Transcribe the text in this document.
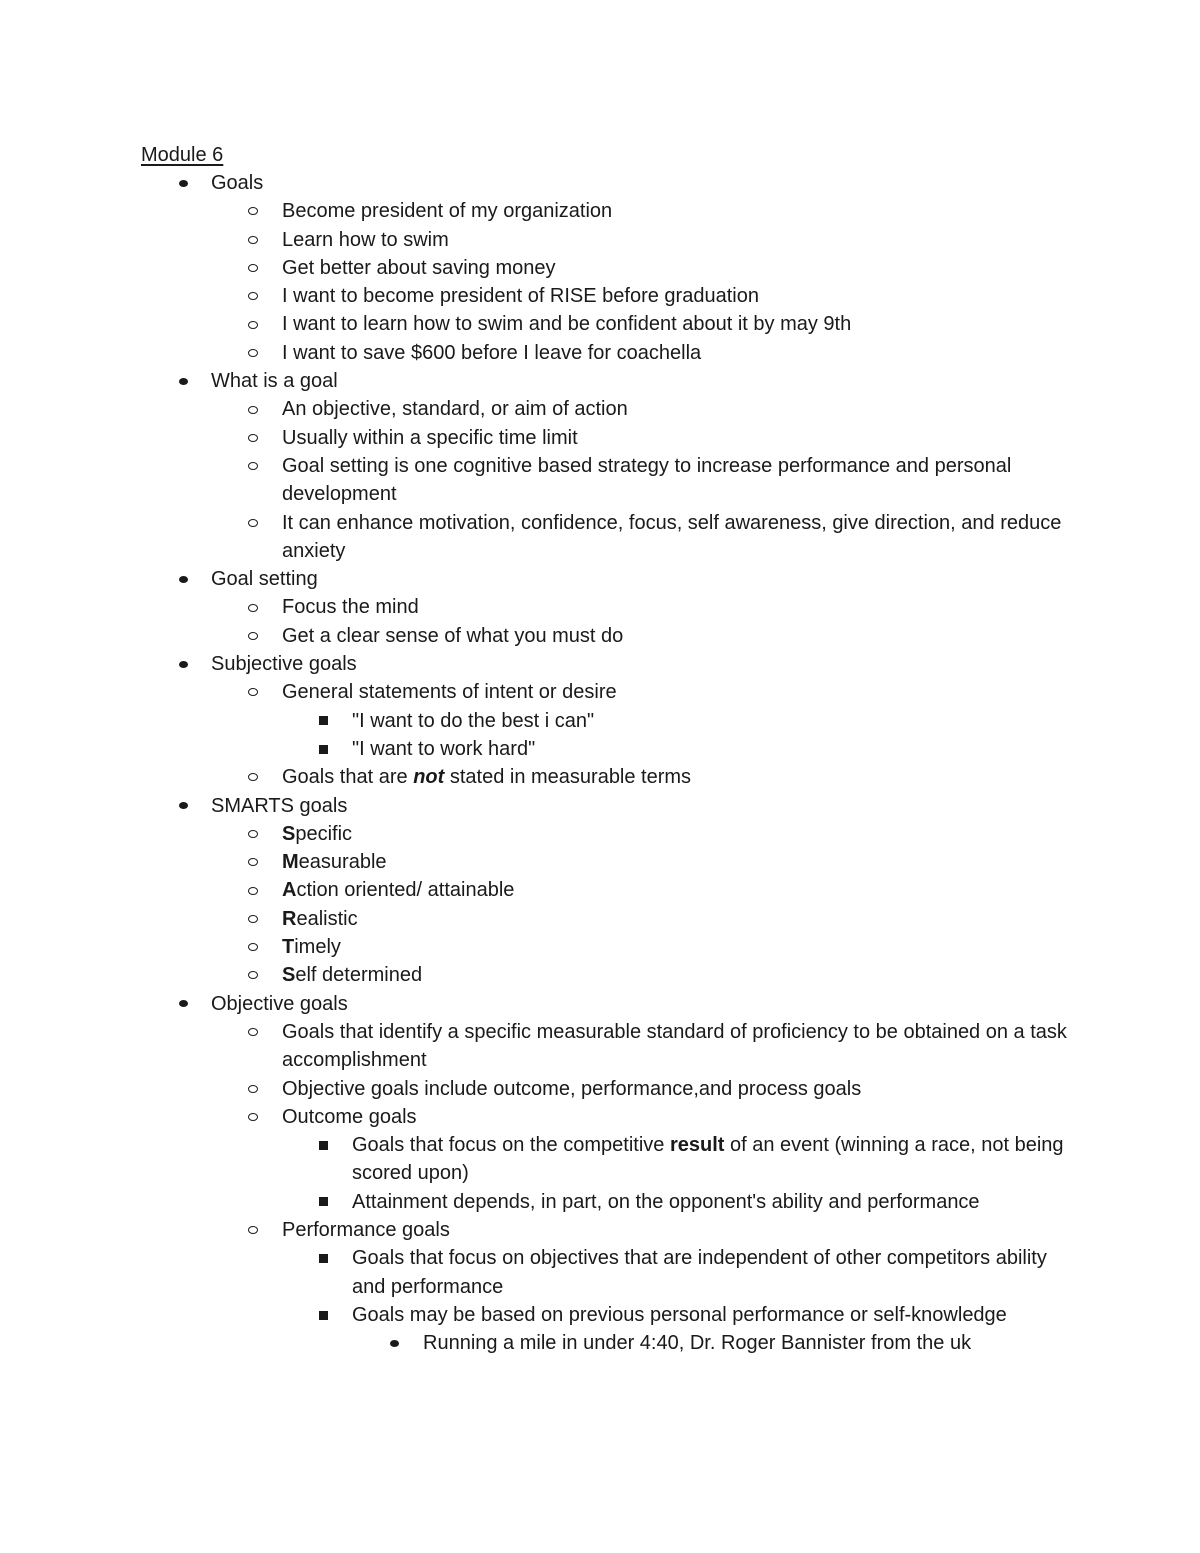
Module 6
Goals
Become president of my organization
Learn how to swim
Get better about saving money
I want to become president of RISE before graduation
I want to learn how to swim and be confident about it by may 9th
I want to save $600 before I leave for coachella
What is a goal
An objective, standard, or aim of action
Usually within a specific time limit
Goal setting is one cognitive based strategy to increase performance and personal development
It can enhance motivation, confidence, focus, self awareness, give direction, and reduce anxiety
Goal setting
Focus the mind
Get a clear sense of what you must do
Subjective goals
General statements of intent or desire
"I want to do the best i can"
"I want to work hard"
Goals that are not stated in measurable terms
SMARTS goals
Specific
Measurable
Action oriented/ attainable
Realistic
Timely
Self determined
Objective goals
Goals that identify a specific measurable standard of proficiency to be obtained on a task accomplishment
Objective goals include outcome, performance,and process goals
Outcome goals
Goals that focus on the competitive result of an event (winning a race, not being scored upon)
Attainment depends, in part, on the opponent's ability and performance
Performance goals
Goals that focus on objectives that are independent of other competitors ability and performance
Goals may be based on previous personal performance or self-knowledge
Running a mile in under 4:40, Dr. Roger Bannister from the uk
